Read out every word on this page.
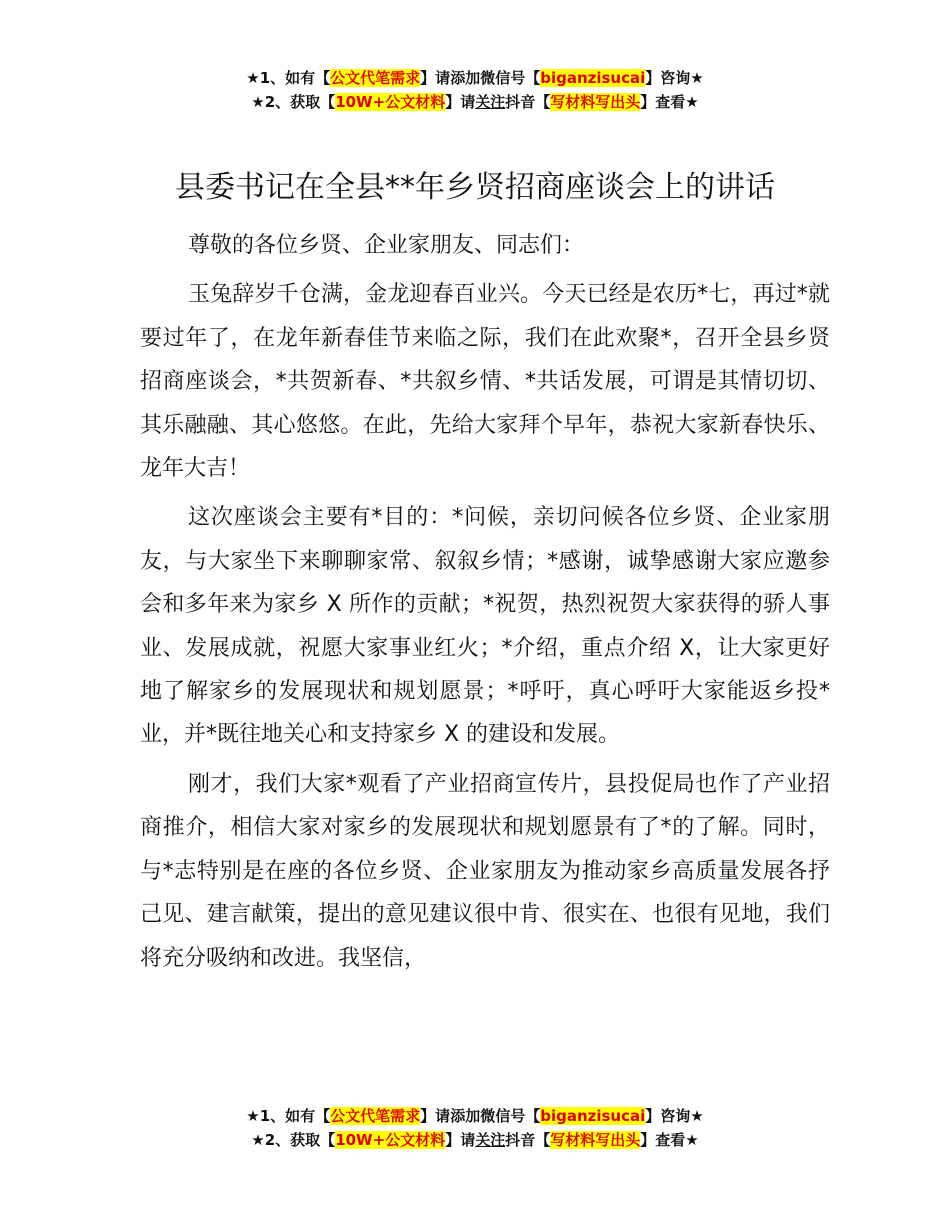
★1、如有【公文代笔需求】请添加微信号【biganzisucai】咨询★
★2、获取【10W+公文材料】请关注抖音【写材料写出头】查看★
县委书记在全县**年乡贤招商座谈会上的讲话

尊敬的各位乡贤、企业家朋友、同志们：

玉兔辞岁千仓满，金龙迎春百业兴。今天已经是农历*七，再过*就要过年了，在龙年新春佳节来临之际，我们在此欢聚*，召开全县乡贤招商座谈会，*共贺新春、*共叙乡情、*共话发展，可谓是其情切切、其乐融融、其心悠悠。在此，先给大家拜个早年，恭祝大家新春快乐、龙年大吉！

这次座谈会主要有*目的：*问候，亲切问候各位乡贤、企业家朋友，与大家坐下来聊聊家常、叙叙乡情；*感谢，诚挚感谢大家应邀参会和多年来为家乡 X 所作的贡献；*祝贺，热烈祝贺大家获得的骄人事业、发展成就，祝愿大家事业红火；*介绍，重点介绍 X，让大家更好地了解家乡的发展现状和规划愿景；*呼吁，真心呼吁大家能返乡投*业，并*既往地关心和支持家乡 X 的建设和发展。

刚才，我们大家*观看了产业招商宣传片，县投促局也作了产业招商推介，相信大家对家乡的发展现状和规划愿景有了*的了解。同时，与*志特别是在座的各位乡贤、企业家朋友为推动家乡高质量发展各抒己见、建言献策，提出的意见建议很中肯、很实在、也很有见地，我们将充分吸纳和改进。我坚信，

★1、如有【公文代笔需求】请添加微信号【biganzisucai】咨询★
★2、获取【10W+公文材料】请关注抖音【写材料写出头】查看★
